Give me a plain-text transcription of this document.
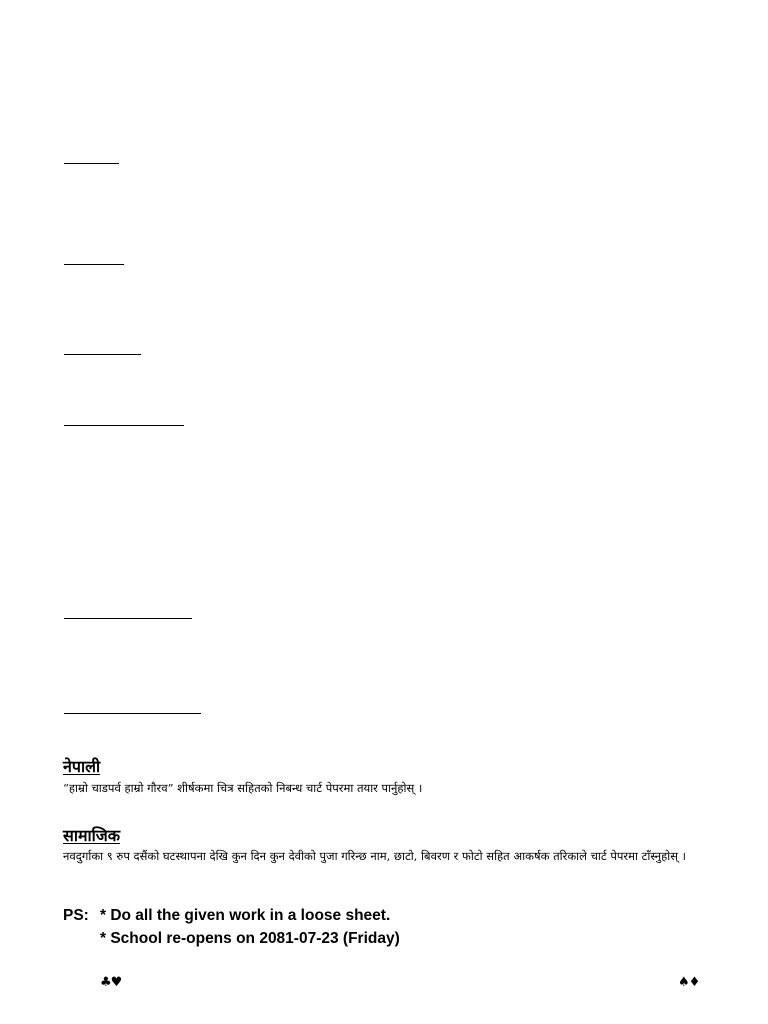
नेपाली
“हाम्रो चाडपर्व हाम्रो गौरव” शीर्षकमा चित्र सहितको निबन्ध चार्ट पेपरमा तयार पार्नुहोस् ।
सामाजिक
नवदुर्गाका ९ रुप दसैंको घटस्थापना देखि कुन दिन कुन देवीको पुजा गरिन्छ नाम, छाटो, बिवरण र फोटो सहित आकर्षक तरिकाले चार्ट पेपरमा टाँस्नुहोस् ।
PS: * Do all the given work in a loose sheet.
* School re-opens on 2081-07-23 (Friday)
♣♥	♠♦
